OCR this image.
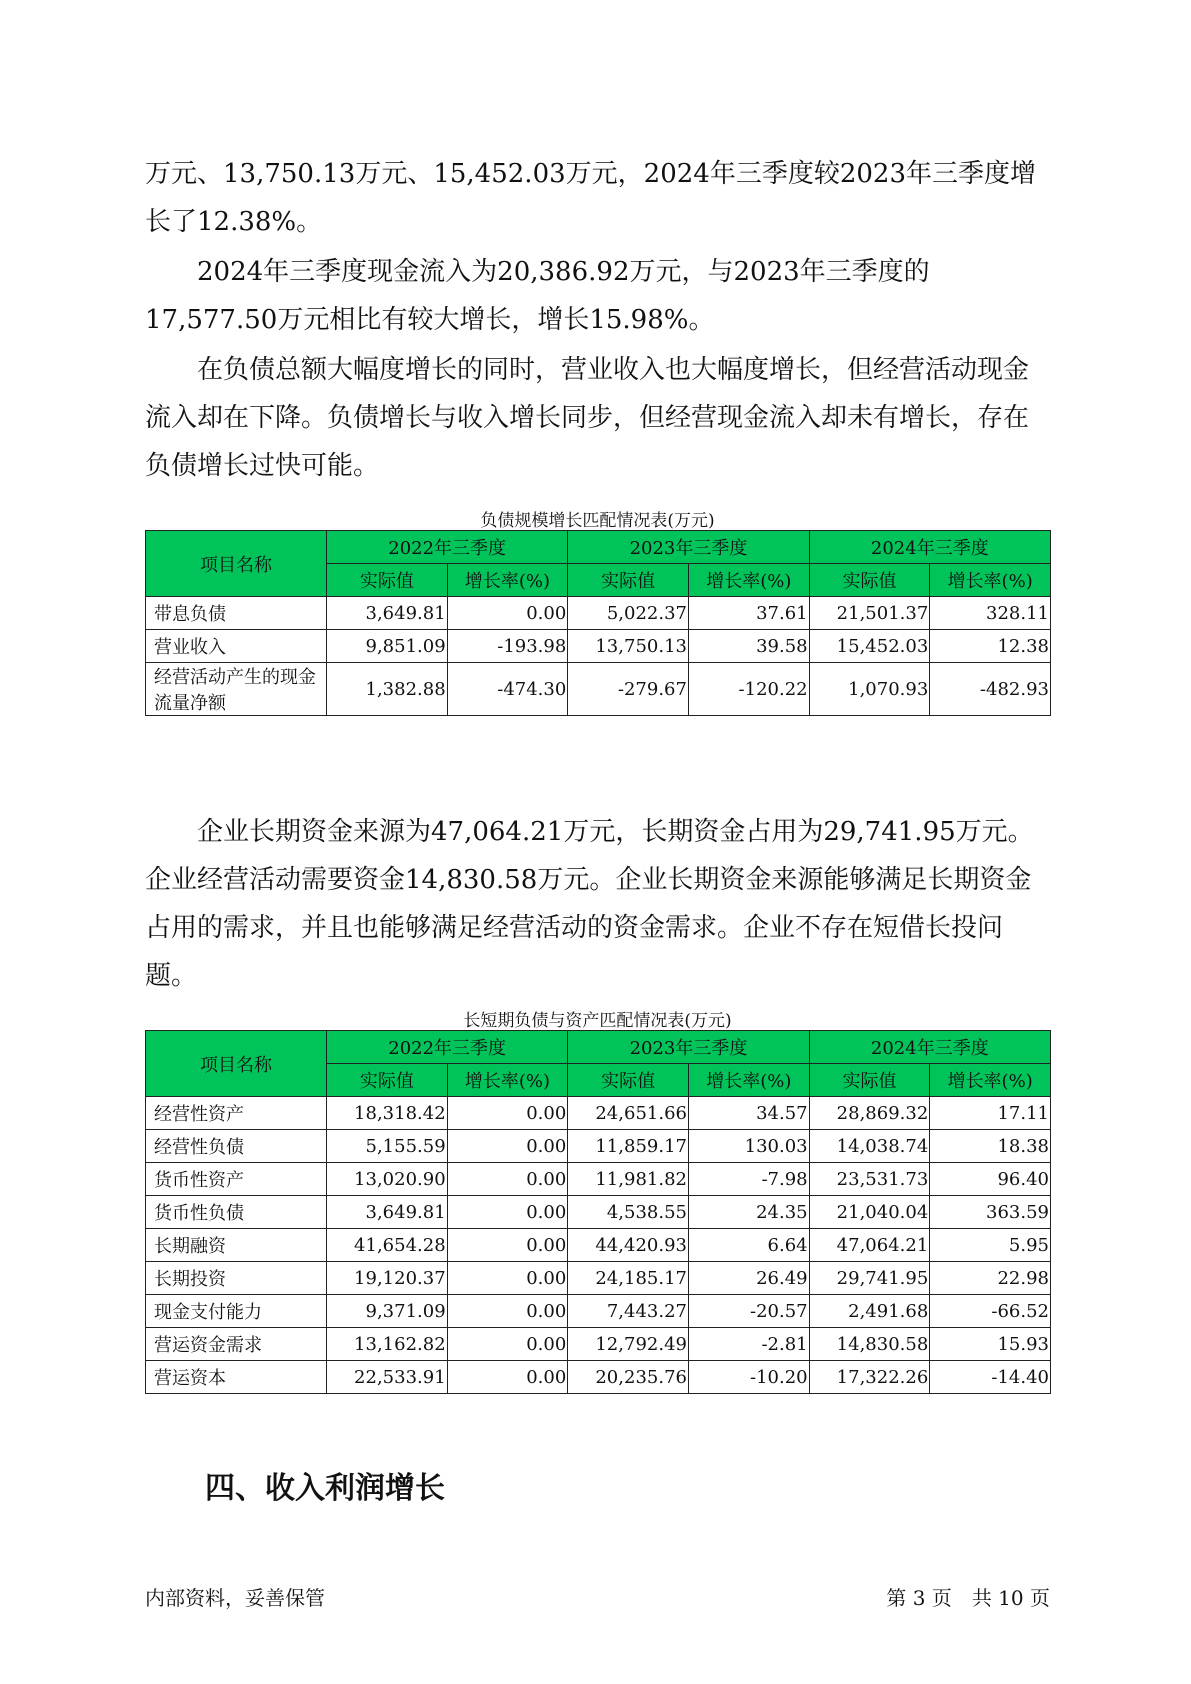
万元、13,750.13万元、15,452.03万元，2024年三季度较2023年三季度增长了12.38%。

2024年三季度现金流入为20,386.92万元，与2023年三季度的17,577.50万元相比有较大增长，增长15.98%。

在负债总额大幅度增长的同时，营业收入也大幅度增长，但经营活动现金流入却在下降。负债增长与收入增长同步，但经营现金流入却未有增长，存在负债增长过快可能。

负债规模增长匹配情况表(万元)
项目名称	2022年三季度		2023年三季度		2024年三季度	
	实际值	增长率(%)	实际值	增长率(%)	实际值	增长率(%)
带息负债	3,649.81	0.00	5,022.37	37.61	21,501.37	328.11
营业收入	9,851.09	-193.98	13,750.13	39.58	15,452.03	12.38
经营活动产生的现金流量净额	1,382.88	-474.30	-279.67	-120.22	1,070.93	-482.93

企业长期资金来源为47,064.21万元，长期资金占用为29,741.95万元。企业经营活动需要资金14,830.58万元。企业长期资金来源能够满足长期资金占用的需求，并且也能够满足经营活动的资金需求。企业不存在短借长投问题。

长短期负债与资产匹配情况表(万元)
项目名称	2022年三季度		2023年三季度		2024年三季度	
	实际值	增长率(%)	实际值	增长率(%)	实际值	增长率(%)
经营性资产	18,318.42	0.00	24,651.66	34.57	28,869.32	17.11
经营性负债	5,155.59	0.00	11,859.17	130.03	14,038.74	18.38
货币性资产	13,020.90	0.00	11,981.82	-7.98	23,531.73	96.40
货币性负债	3,649.81	0.00	4,538.55	24.35	21,040.04	363.59
长期融资	41,654.28	0.00	44,420.93	6.64	47,064.21	5.95
长期投资	19,120.37	0.00	24,185.17	26.49	29,741.95	22.98
现金支付能力	9,371.09	0.00	7,443.27	-20.57	2,491.68	-66.52
营运资金需求	13,162.82	0.00	12,792.49	-2.81	14,830.58	15.93
营运资本	22,533.91	0.00	20,235.76	-10.20	17,322.26	-14.40
四、收入利润增长
内部资料，妥善保管	第 3 页　共 10 页
